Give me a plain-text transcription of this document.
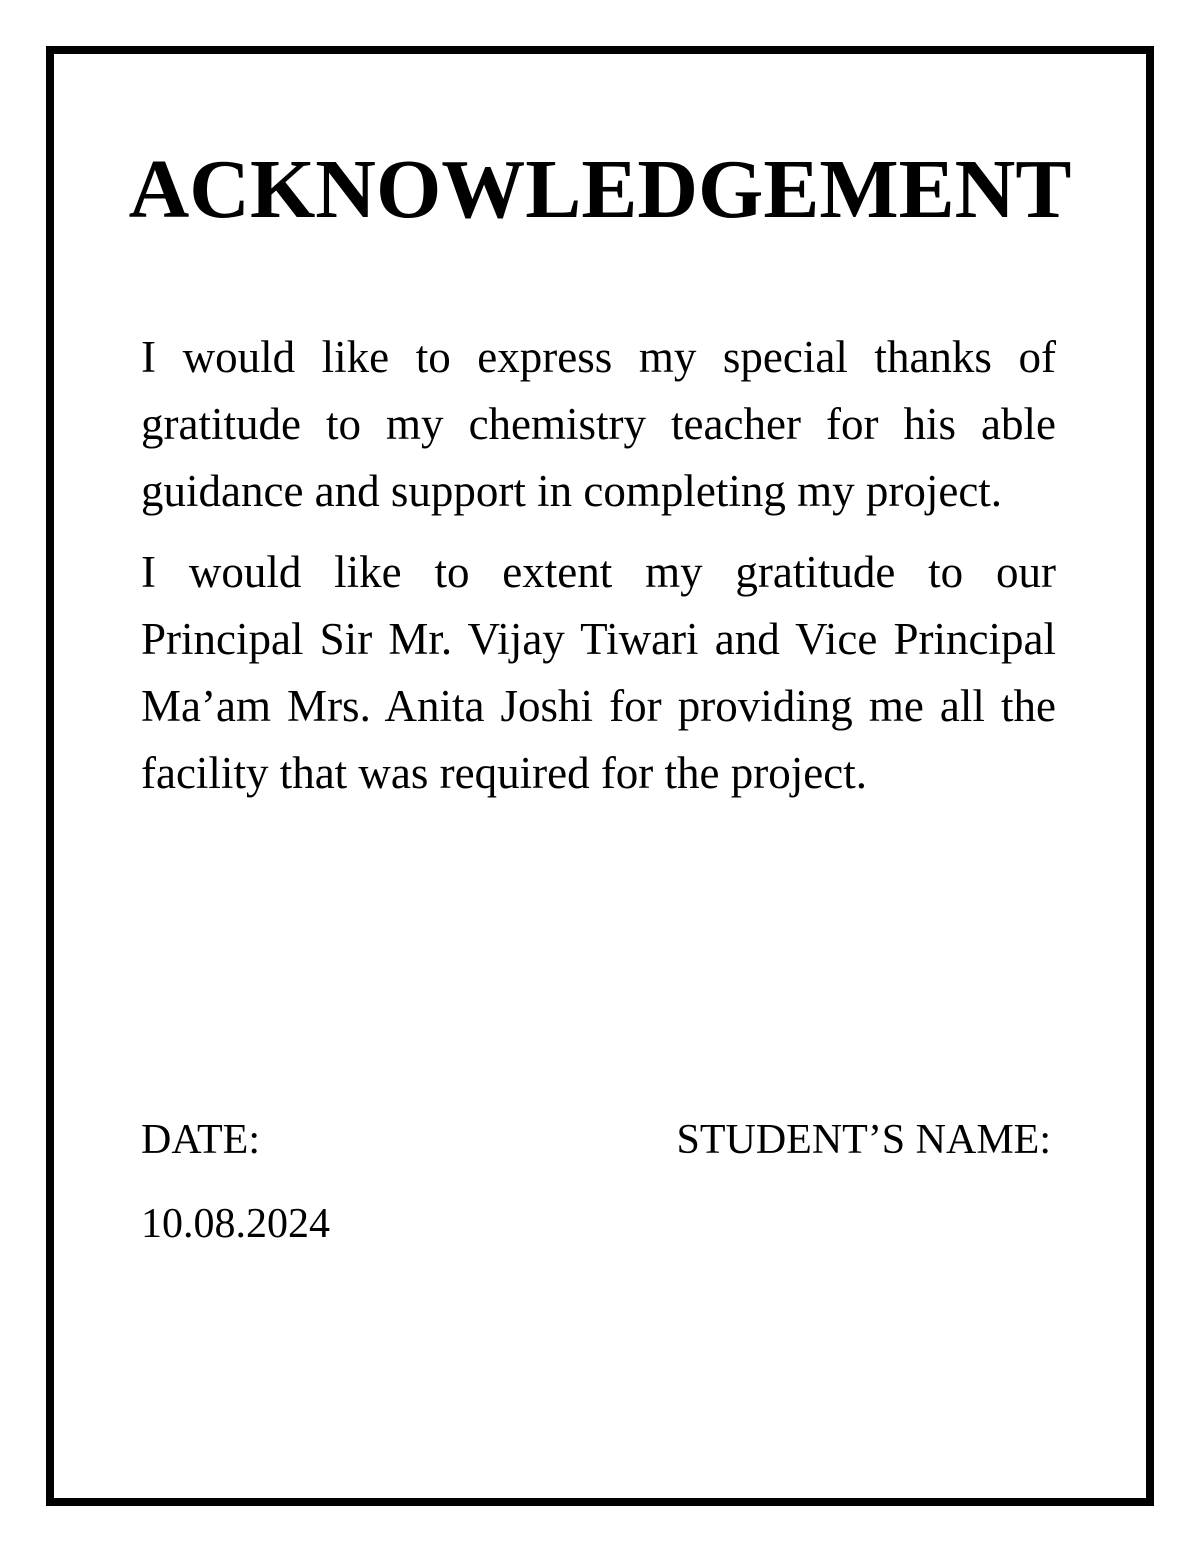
ACKNOWLEDGEMENT

I would like to express my special thanks of gratitude to my chemistry teacher for his able guidance and support in completing my project.

I would like to extent my gratitude to our Principal Sir Mr. Vijay Tiwari and Vice Principal Ma’am Mrs. Anita Joshi for providing me all the facility that was required for the project.

DATE:	STUDENT’S NAME:
10.08.2024
